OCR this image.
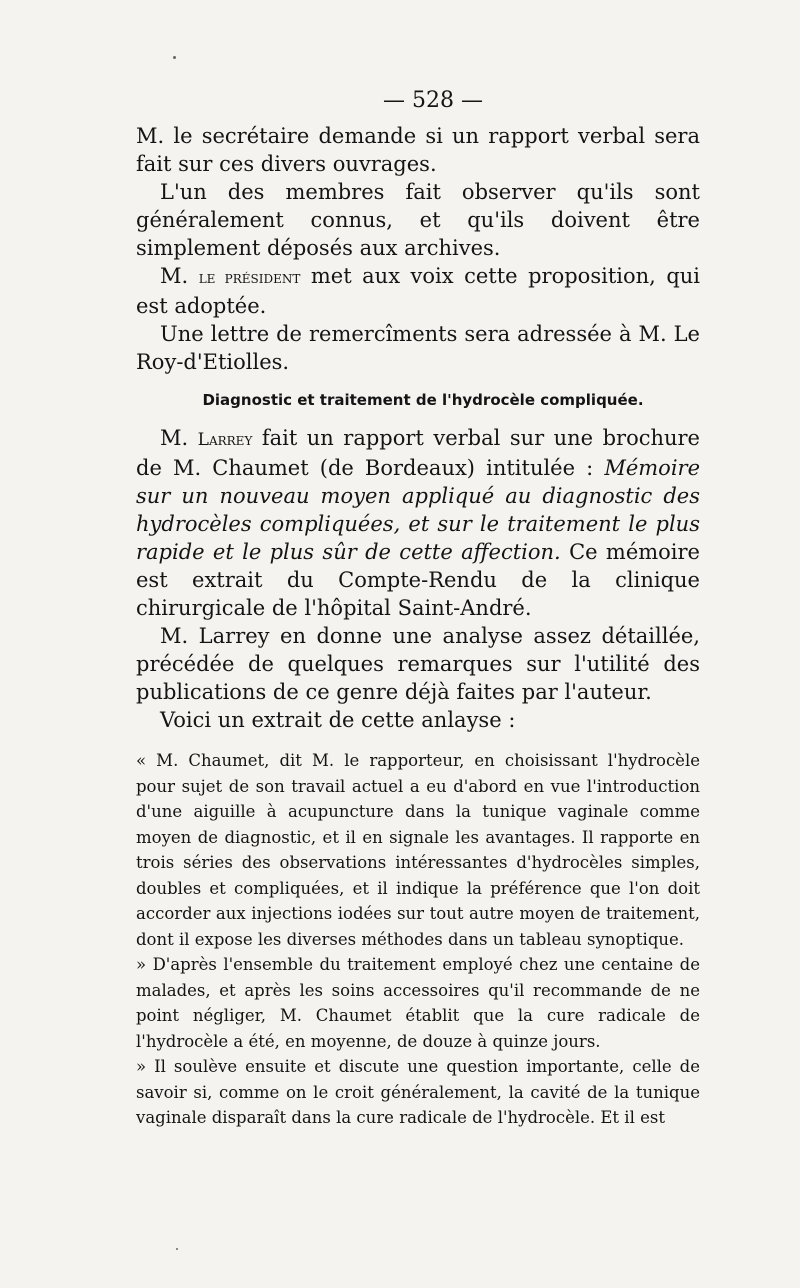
— 528 —

M. le secrétaire demande si un rapport verbal sera fait sur ces divers ouvrages.

L'un des membres fait observer qu'ils sont généralement connus, et qu'ils doivent être simplement déposés aux archives.

M. le président met aux voix cette proposition, qui est adoptée.

Une lettre de remercîments sera adressée à M. Le Roy-d'Etiolles.

Diagnostic et traitement de l'hydrocèle compliquée.

M. Larrey fait un rapport verbal sur une brochure de M. Chaumet (de Bordeaux) intitulée : Mémoire sur un nouveau moyen appliqué au diagnostic des hydrocèles compliquées, et sur le traitement le plus rapide et le plus sûr de cette affection. Ce mémoire est extrait du Compte-Rendu de la clinique chirurgicale de l'hôpital Saint-André.

M. Larrey en donne une analyse assez détaillée, précédée de quelques remarques sur l'utilité des publications de ce genre déjà faites par l'auteur.

Voici un extrait de cette anlayse :

« M. Chaumet, dit M. le rapporteur, en choisissant l'hydrocèle pour sujet de son travail actuel a eu d'abord en vue l'introduction d'une aiguille à acupuncture dans la tunique vaginale comme moyen de diagnostic, et il en signale les avantages. Il rapporte en trois séries des observations intéressantes d'hydrocèles simples, doubles et compliquées, et il indique la préférence que l'on doit accorder aux injections iodées sur tout autre moyen de traitement, dont il expose les diverses méthodes dans un tableau synoptique.

» D'après l'ensemble du traitement employé chez une centaine de malades, et après les soins accessoires qu'il recommande de ne point négliger, M. Chaumet établit que la cure radicale de l'hydrocèle a été, en moyenne, de douze à quinze jours.

» Il soulève ensuite et discute une question importante, celle de savoir si, comme on le croit généralement, la cavité de la tunique vaginale disparaît dans la cure radicale de l'hydrocèle. Et il est
